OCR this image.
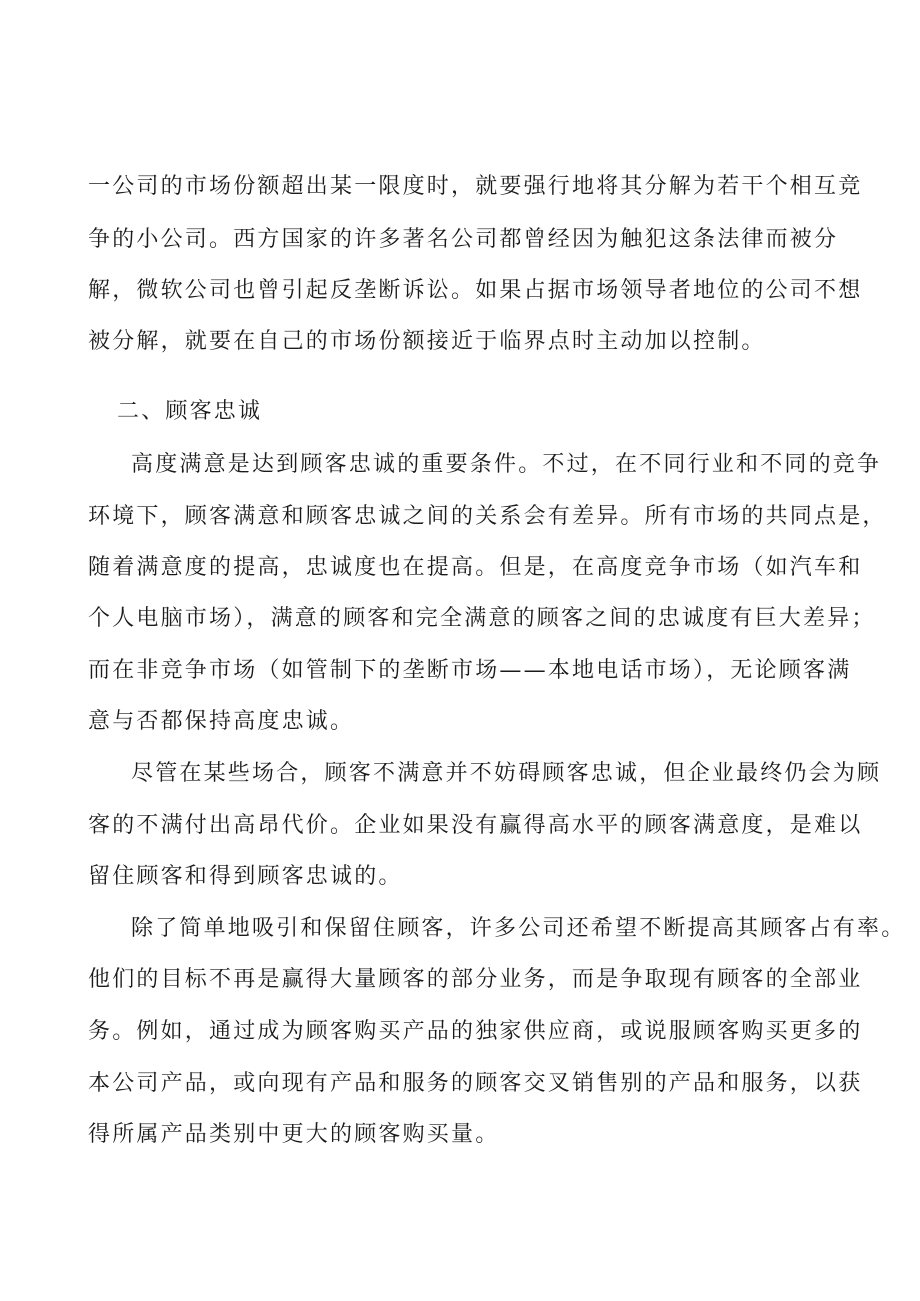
一公司的市场份额超出某一限度时，就要强行地将其分解为若干个相互竞
争的小公司。西方国家的许多著名公司都曾经因为触犯这条法律而被分
解，微软公司也曾引起反垄断诉讼。如果占据市场领导者地位的公司不想
被分解，就要在自己的市场份额接近于临界点时主动加以控制。
二、顾客忠诚
高度满意是达到顾客忠诚的重要条件。不过，在不同行业和不同的竞争
环境下，顾客满意和顾客忠诚之间的关系会有差异。所有市场的共同点是，
随着满意度的提高，忠诚度也在提高。但是，在高度竞争市场（如汽车和
个人电脑市场），满意的顾客和完全满意的顾客之间的忠诚度有巨大差异；
而在非竞争市场（如管制下的垄断市场——本地电话市场），无论顾客满
意与否都保持高度忠诚。
尽管在某些场合，顾客不满意并不妨碍顾客忠诚，但企业最终仍会为顾
客的不满付出高昂代价。企业如果没有赢得高水平的顾客满意度，是难以
留住顾客和得到顾客忠诚的。
除了简单地吸引和保留住顾客，许多公司还希望不断提高其顾客占有率。
他们的目标不再是赢得大量顾客的部分业务，而是争取现有顾客的全部业
务。例如，通过成为顾客购买产品的独家供应商，或说服顾客购买更多的
本公司产品，或向现有产品和服务的顾客交叉销售别的产品和服务，以获
得所属产品类别中更大的顾客购买量。
